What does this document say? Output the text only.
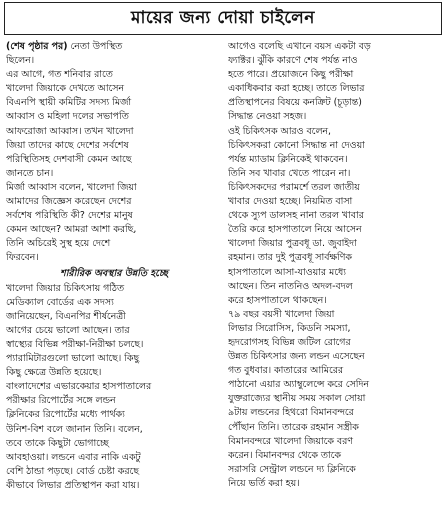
মায়ের জন্য দোয়া চাইলেন

(শেষ পৃষ্ঠার পর) নেতা উপস্থিত

ছিলেন।
এর আগে, গত শনিবার রাতে
খালেদা জিয়াকে দেখতে আসেন
বিএনপি স্থায়ী কমিটির সদস্য মির্জা
আব্বাস ও মহিলা দলের সভাপতি
আফরোজা আব্বাস। তখন খালেদা
জিয়া তাদের কাছে দেশের সর্বশেষ
পরিস্থিতিসহ দেশবাসী কেমন আছে
জানতে চান।
মির্জা আব্বাস বলেন, খালেদা জিয়া
আমাদের জিজ্ঞেস করেছেন দেশের
সর্বশেষ পরিস্থিতি কী? দেশের মানুষ
কেমন আছেন? আমরা আশা করছি,
তিনি অচিরেই সুস্থ হয়ে দেশে
ফিরবেন।
শারীরিক অবস্থার উন্নতি হচ্ছে
খালেদা জিয়ার চিকিৎসায় গঠিত
মেডিক্যাল বোর্ডের এক সদস্য
জানিয়েছেন, বিএনপির শীর্ষনেত্রী
আগের চেয়ে ভালো আছেন। তার
স্বাস্থ্যের বিভিন্ন পরীক্ষা-নিরীক্ষা চলছে।
প্যারামিটারগুলো ভালো আছে। কিছু
কিছু ক্ষেত্রে উন্নতি হয়েছে।
বাংলাদেশের এভারকেয়ার হাসপাতালের
পরীক্ষার রিপোর্টের সঙ্গে লন্ডন
ক্লিনিকের রিপোর্টের মধ্যে পার্থক্য
উনিশ-বিশ বলে জানান তিনি। বলেন,
তবে তাকে কিছুটা ভোগাচ্ছে
আবহাওয়া। লন্ডনে এবার নাকি একটু
বেশি ঠান্ডা পড়ছে। বোর্ড চেষ্টা করছে
কীভাবে লিভার প্রতিস্থাপন করা যায়।
আগেও বলেছি এখানে বয়স একটা বড়
ফ্যাক্টর। ঝুঁকি কারণে শেষ পর্যন্ত নাও
হতে পারে। প্রয়োজনে কিছু পরীক্ষা
একাধিকবার করা হচ্ছে। তাতে লিভার
প্রতিস্থাপনের বিষয়ে কনক্রিট (চূড়ান্ত)
সিদ্ধান্ত নেওয়া সহজ।
ওই চিকিৎসক আরও বলেন,
চিকিৎসকরা কোনো সিদ্ধান্ত না দেওয়া
পর্যন্ত ম্যাডাম ক্লিনিকেই থাকবেন।
তিনি সব খাবার খেতে পারেন না।
চিকিৎসকদের পরামর্শে তরল জাতীয়
খাবার দেওয়া হচ্ছে। নিয়মিত বাসা
থেকে স্যুপ ডালসহ নানা তরল খাবার
তৈরি করে হাসপাতালে নিয়ে আসেন
খালেদা জিয়ার পুত্রবধূ ডা. জুবাইদা
রহমান। তার দুই পুত্রবধূ সার্বক্ষণিক
হাসপাতালে আসা-যাওয়ার মধ্যে
আছেন। তিন নাতনিও অদল-বদল
করে হাসপাতালে থাকছেন।
৭৯ বছর বয়সী খালেদা জিয়া
লিভার সিরোসিস, কিডনি সমস্যা,
হৃদরোগসহ বিভিন্ন জটিল রোগের
উন্নত চিকিৎসার জন্য লন্ডন এসেছেন
গত বুধবার। কাতারের আমিরের
পাঠানো এয়ার অ্যাম্বুলেন্সে করে সেদিন
যুক্তরাজ্যের স্থানীয় সময় সকাল সোয়া
৯টায় লন্ডনের হিথরো বিমানবন্দরে
পৌঁছান তিনি। তারেক রহমান সস্ত্রীক
বিমানবন্দরে খালেদা জিয়াকে বরণ
করেন। বিমানবন্দর থেকে তাকে
সরাসরি সেন্ট্রাল লন্ডনে দ্য ক্লিনিকে
নিয়ে ভর্তি করা হয়।
